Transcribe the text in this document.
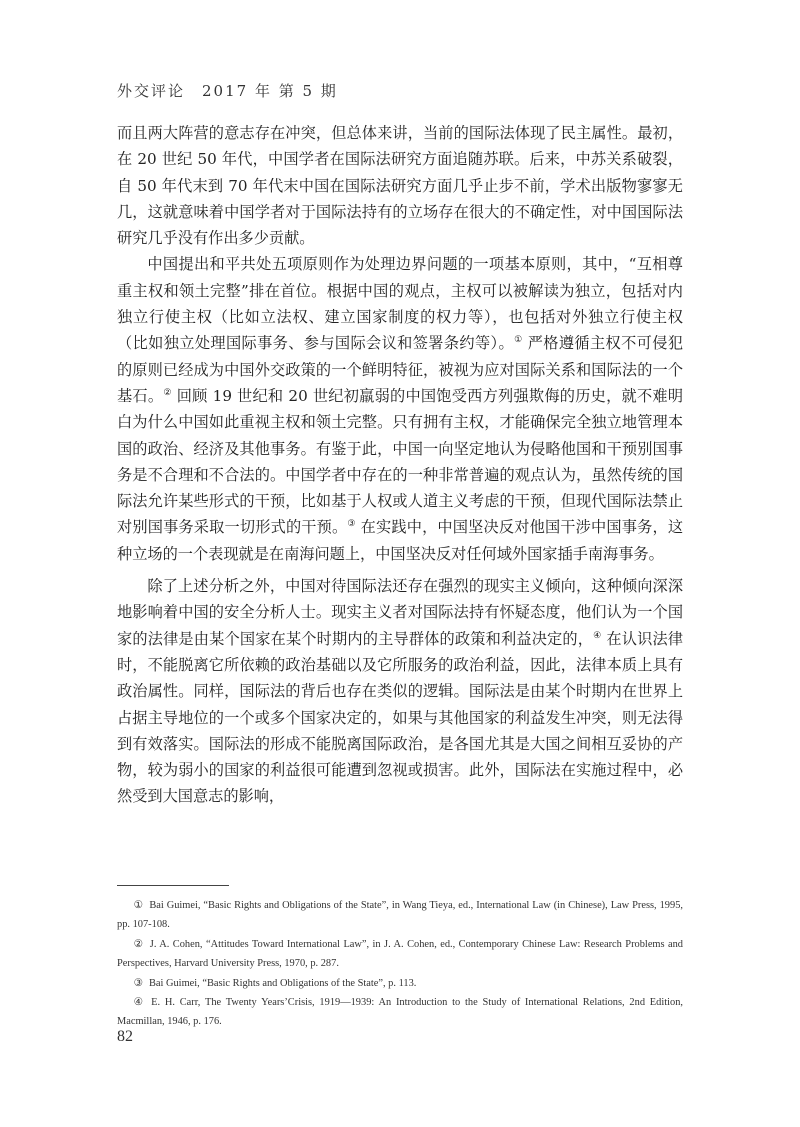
外交评论　2017 年 第 5 期

而且两大阵营的意志存在冲突，但总体来讲，当前的国际法体现了民主属性。最初，在 20 世纪 50 年代，中国学者在国际法研究方面追随苏联。后来，中苏关系破裂，自 50 年代末到 70 年代末中国在国际法研究方面几乎止步不前，学术出版物寥寥无几，这就意味着中国学者对于国际法持有的立场存在很大的不确定性，对中国国际法研究几乎没有作出多少贡献。

中国提出和平共处五项原则作为处理边界问题的一项基本原则，其中，“互相尊重主权和领土完整”排在首位。根据中国的观点，主权可以被解读为独立，包括对内独立行使主权（比如立法权、建立国家制度的权力等），也包括对外独立行使主权（比如独立处理国际事务、参与国际会议和签署条约等）。① 严格遵循主权不可侵犯的原则已经成为中国外交政策的一个鲜明特征，被视为应对国际关系和国际法的一个基石。② 回顾 19 世纪和 20 世纪初羸弱的中国饱受西方列强欺侮的历史，就不难明白为什么中国如此重视主权和领土完整。只有拥有主权，才能确保完全独立地管理本国的政治、经济及其他事务。有鉴于此，中国一向坚定地认为侵略他国和干预别国事务是不合理和不合法的。中国学者中存在的一种非常普遍的观点认为，虽然传统的国际法允许某些形式的干预，比如基于人权或人道主义考虑的干预，但现代国际法禁止对别国事务采取一切形式的干预。③ 在实践中，中国坚决反对他国干涉中国事务，这种立场的一个表现就是在南海问题上，中国坚决反对任何域外国家插手南海事务。

除了上述分析之外，中国对待国际法还存在强烈的现实主义倾向，这种倾向深深地影响着中国的安全分析人士。现实主义者对国际法持有怀疑态度，他们认为一个国家的法律是由某个国家在某个时期内的主导群体的政策和利益决定的，④ 在认识法律时，不能脱离它所依赖的政治基础以及它所服务的政治利益，因此，法律本质上具有政治属性。同样，国际法的背后也存在类似的逻辑。国际法是由某个时期内在世界上占据主导地位的一个或多个国家决定的，如果与其他国家的利益发生冲突，则无法得到有效落实。国际法的形成不能脱离国际政治，是各国尤其是大国之间相互妥协的产物，较为弱小的国家的利益很可能遭到忽视或损害。此外，国际法在实施过程中，必然受到大国意志的影响，

① Bai Guimei, “Basic Rights and Obligations of the State”, in Wang Tieya, ed., International Law (in Chinese), Law Press, 1995, pp. 107-108.

② J. A. Cohen, “Attitudes Toward International Law”, in J. A. Cohen, ed., Contemporary Chinese Law: Research Problems and Perspectives, Harvard University Press, 1970, p. 287.

③ Bai Guimei, “Basic Rights and Obligations of the State”, p. 113.

④ E. H. Carr, The Twenty Years’Crisis, 1919—1939: An Introduction to the Study of International Relations, 2nd Edition, Macmillan, 1946, p. 176.

82
